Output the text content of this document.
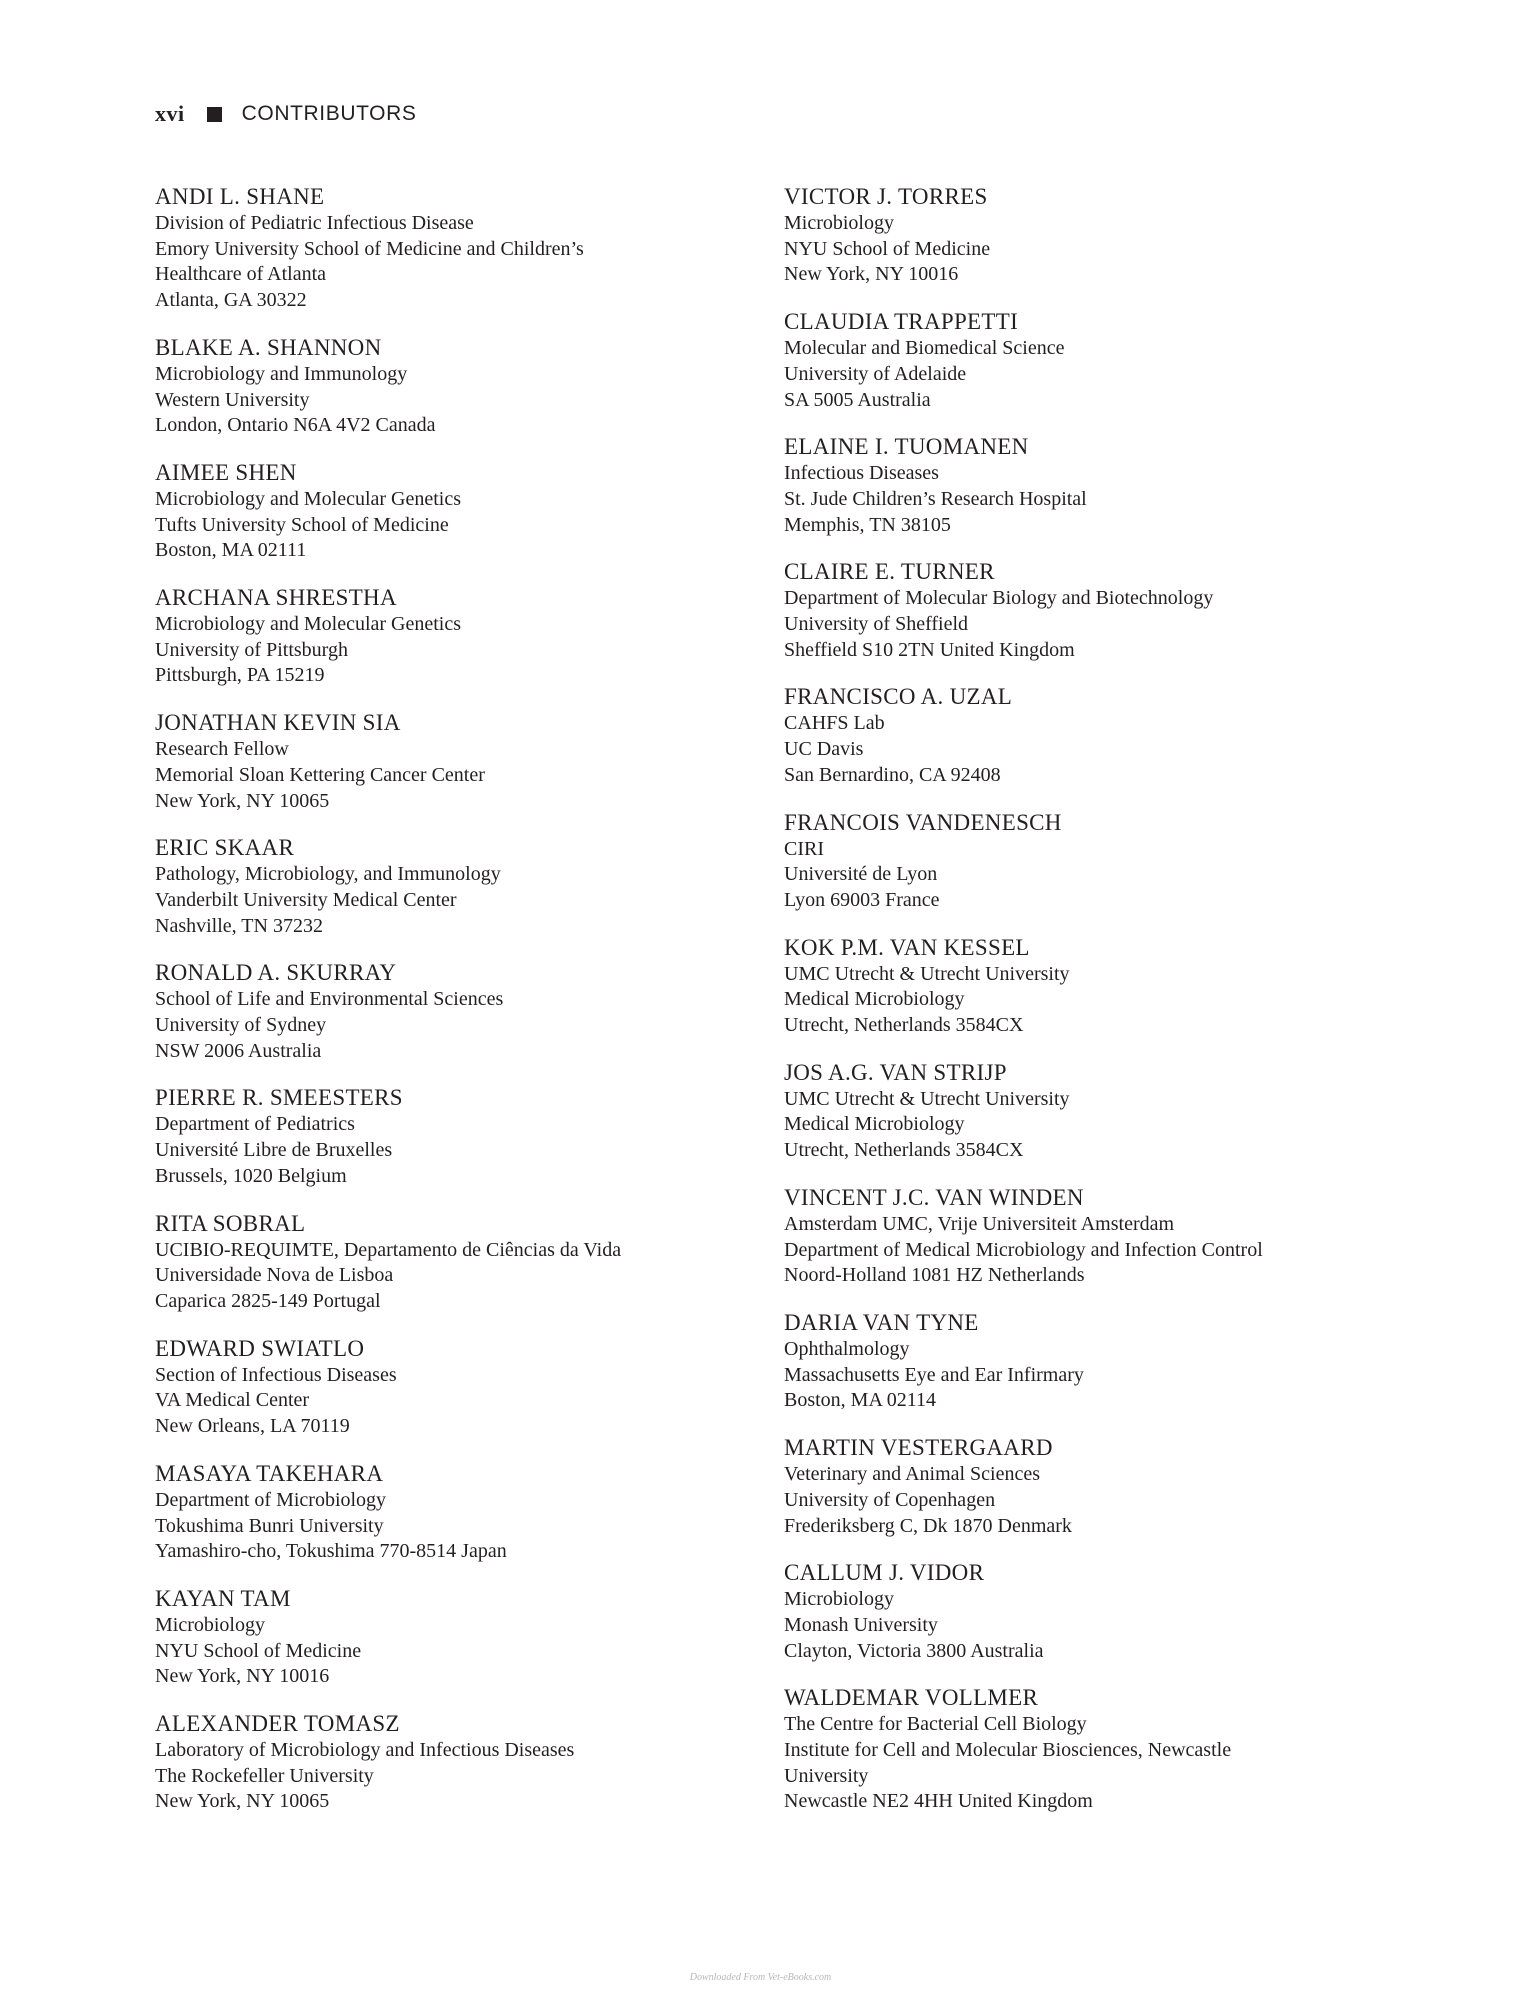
xvi	CONTRIBUTORS
ANDI L. SHANE
Division of Pediatric Infectious Disease
Emory University School of Medicine and Children’s
Healthcare of Atlanta
Atlanta, GA 30322
BLAKE A. SHANNON
Microbiology and Immunology
Western University
London, Ontario N6A 4V2 Canada
AIMEE SHEN
Microbiology and Molecular Genetics
Tufts University School of Medicine
Boston, MA 02111
ARCHANA SHRESTHA
Microbiology and Molecular Genetics
University of Pittsburgh
Pittsburgh, PA 15219
JONATHAN KEVIN SIA
Research Fellow
Memorial Sloan Kettering Cancer Center
New York, NY 10065
ERIC SKAAR
Pathology, Microbiology, and Immunology
Vanderbilt University Medical Center
Nashville, TN 37232
RONALD A. SKURRAY
School of Life and Environmental Sciences
University of Sydney
NSW 2006 Australia
PIERRE R. SMEESTERS
Department of Pediatrics
Université Libre de Bruxelles
Brussels, 1020 Belgium
RITA SOBRAL
UCIBIO-REQUIMTE, Departamento de Ciências da Vida
Universidade Nova de Lisboa
Caparica 2825-149 Portugal
EDWARD SWIATLO
Section of Infectious Diseases
VA Medical Center
New Orleans, LA 70119
MASAYA TAKEHARA
Department of Microbiology
Tokushima Bunri University
Yamashiro-cho, Tokushima 770-8514 Japan
KAYAN TAM
Microbiology
NYU School of Medicine
New York, NY 10016
ALEXANDER TOMASZ
Laboratory of Microbiology and Infectious Diseases
The Rockefeller University
New York, NY 10065
VICTOR J. TORRES
Microbiology
NYU School of Medicine
New York, NY 10016
CLAUDIA TRAPPETTI
Molecular and Biomedical Science
University of Adelaide
SA 5005 Australia
ELAINE I. TUOMANEN
Infectious Diseases
St. Jude Children’s Research Hospital
Memphis, TN 38105
CLAIRE E. TURNER
Department of Molecular Biology and Biotechnology
University of Sheffield
Sheffield S10 2TN United Kingdom
FRANCISCO A. UZAL
CAHFS Lab
UC Davis
San Bernardino, CA 92408
FRANCOIS VANDENESCH
CIRI
Université de Lyon
Lyon 69003 France
KOK P.M. VAN KESSEL
UMC Utrecht & Utrecht University
Medical Microbiology
Utrecht, Netherlands 3584CX
JOS A.G. VAN STRIJP
UMC Utrecht & Utrecht University
Medical Microbiology
Utrecht, Netherlands 3584CX
VINCENT J.C. VAN WINDEN
Amsterdam UMC, Vrije Universiteit Amsterdam
Department of Medical Microbiology and Infection Control
Noord-Holland 1081 HZ Netherlands
DARIA VAN TYNE
Ophthalmology
Massachusetts Eye and Ear Infirmary
Boston, MA 02114
MARTIN VESTERGAARD
Veterinary and Animal Sciences
University of Copenhagen
Frederiksberg C, Dk 1870 Denmark
CALLUM J. VIDOR
Microbiology
Monash University
Clayton, Victoria 3800 Australia
WALDEMAR VOLLMER
The Centre for Bacterial Cell Biology
Institute for Cell and Molecular Biosciences, Newcastle
University
Newcastle NE2 4HH United Kingdom
Downloaded From Vet-eBooks.com
